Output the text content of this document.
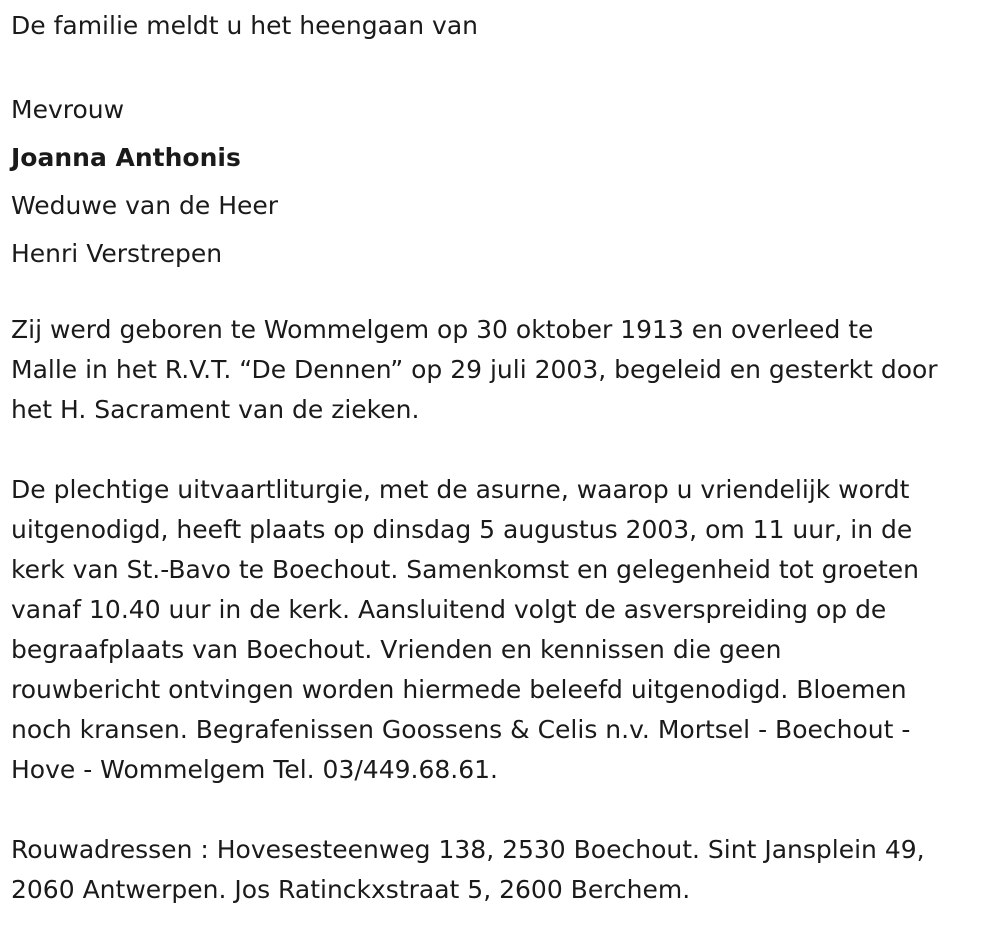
De familie meldt u het heengaan van

Mevrouw

Joanna Anthonis

Weduwe van de Heer

Henri Verstrepen

Zij werd geboren te Wommelgem op 30 oktober 1913 en overleed te

Malle in het R.V.T. “De Dennen” op 29 juli 2003, begeleid en gesterkt door

het H. Sacrament van de zieken.

De plechtige uitvaartliturgie, met de asurne, waarop u vriendelijk wordt

uitgenodigd, heeft plaats op dinsdag 5 augustus 2003, om 11 uur, in de

kerk van St.-Bavo te Boechout. Samenkomst en gelegenheid tot groeten

vanaf 10.40 uur in de kerk. Aansluitend volgt de asverspreiding op de

begraafplaats van Boechout. Vrienden en kennissen die geen

rouwbericht ontvingen worden hiermede beleefd uitgenodigd. Bloemen

noch kransen. Begrafenissen Goossens & Celis n.v. Mortsel - Boechout -

Hove - Wommelgem Tel. 03/449.68.61.

Rouwadressen : Hovesesteenweg 138, 2530 Boechout. Sint Jansplein 49,

2060 Antwerpen. Jos Ratinckxstraat 5, 2600 Berchem.
